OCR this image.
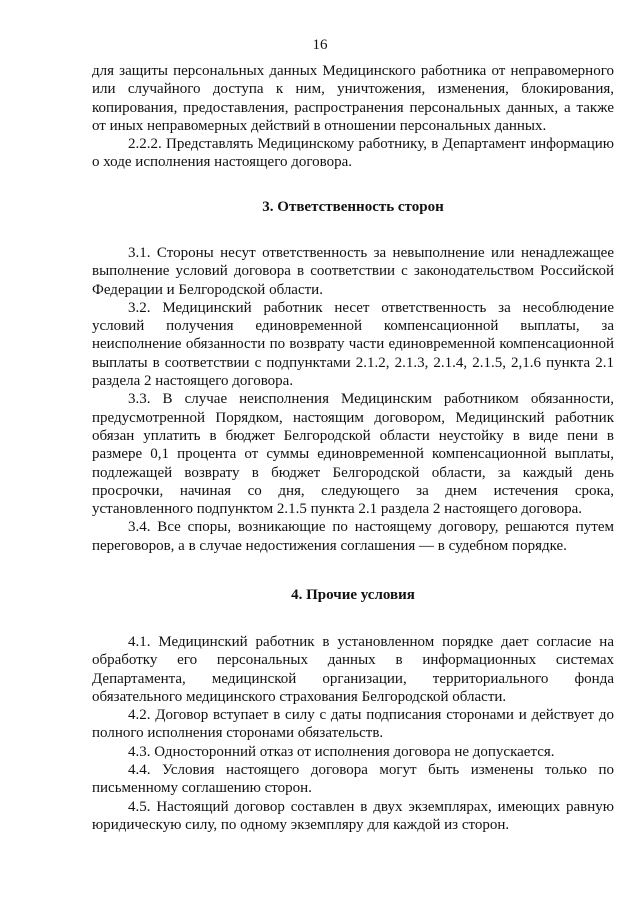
16

для защиты персональных данных Медицинского работника от неправомерного или случайного доступа к ним, уничтожения, изменения, блокирования, копирования, предоставления, распространения персональных данных, а также от иных неправомерных действий в отношении персональных данных.

2.2.2. Представлять Медицинскому работнику, в Департамент информацию о ходе исполнения настоящего договора.

3. Ответственность сторон

3.1. Стороны несут ответственность за невыполнение или ненадлежащее выполнение условий договора в соответствии с законодательством Российской Федерации и Белгородской области.

3.2. Медицинский работник несет ответственность за несоблюдение условий получения единовременной компенсационной выплаты, за неисполнение обязанности по возврату части единовременной компенсационной выплаты в соответствии с подпунктами 2.1.2, 2.1.3, 2.1.4, 2.1.5, 2,1.6 пункта 2.1 раздела 2 настоящего договора.

3.3. В случае неисполнения Медицинским работником обязанности, предусмотренной Порядком, настоящим договором, Медицинский работник обязан уплатить в бюджет Белгородской области неустойку в виде пени в размере 0,1 процента от суммы единовременной компенсационной выплаты, подлежащей возврату в бюджет Белгородской области, за каждый день просрочки, начиная со дня, следующего за днем истечения срока, установленного подпунктом 2.1.5 пункта 2.1 раздела 2 настоящего договора.

3.4. Все споры, возникающие по настоящему договору, решаются путем переговоров, а в случае недостижения соглашения — в судебном порядке.

4. Прочие условия

4.1. Медицинский работник в установленном порядке дает согласие на обработку его персональных данных в информационных системах Департамента, медицинской организации, территориального фонда обязательного медицинского страхования Белгородской области.

4.2. Договор вступает в силу с даты подписания сторонами и действует до полного исполнения сторонами обязательств.

4.3. Односторонний отказ от исполнения договора не допускается.

4.4. Условия настоящего договора могут быть изменены только по письменному соглашению сторон.

4.5. Настоящий договор составлен в двух экземплярах, имеющих равную юридическую силу, по одному экземпляру для каждой из сторон.
